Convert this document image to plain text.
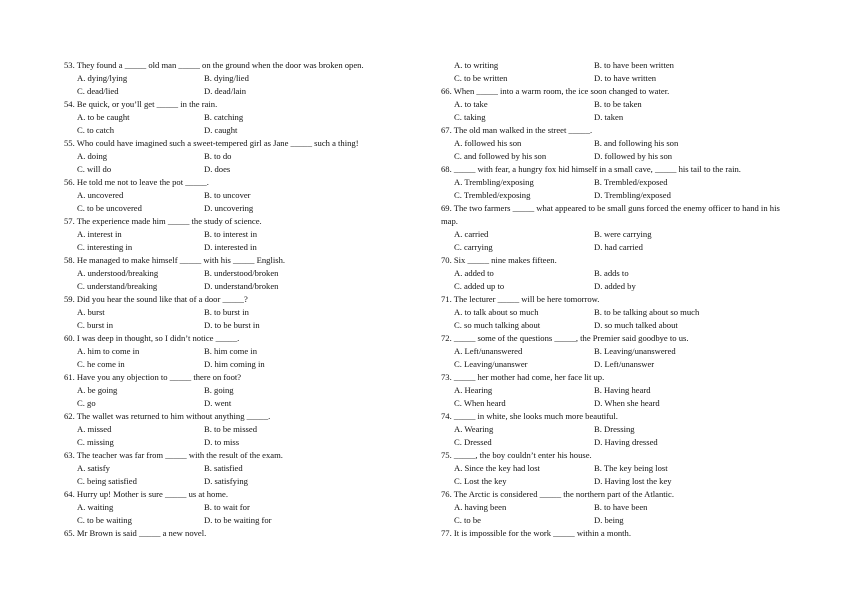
53. They found a _____ old man _____ on the ground when the door was broken open.
A. dying/lying	B. dying/lied
C. dead/lied	D. dead/lain
54. Be quick, or you’ll get _____ in the rain.
A. to be caught	B. catching
C. to catch	D. caught
55. Who could have imagined such a sweet-tempered girl as Jane _____ such a thing!
A. doing	B. to do
C. will do	D. does
56. He told me not to leave the pot _____.
A. uncovered	B. to uncover
C. to be uncovered	D. uncovering
57. The experience made him _____ the study of science.
A. interest in	B. to interest in
C. interesting in	D. interested in
58. He managed to make himself _____ with his _____ English.
A. understood/breaking	B. understood/broken
C. understand/breaking	D. understand/broken
59. Did you hear the sound like that of a door _____?
A. burst	B. to burst in
C. burst in	D. to be burst in
60. I was deep in thought, so I didn’t notice _____.
A. him to come in	B. him come in
C. he come in	D. him coming in
61. Have you any objection to _____ there on foot?
A. be going	B. going
C. go	D. went
62. The wallet was returned to him without anything _____.
A. missed	B. to be missed
C. missing	D. to miss
63. The teacher was far from _____ with the result of the exam.
A. satisfy	B. satisfied
C. being satisfied	D. satisfying
64. Hurry up! Mother is sure _____ us at home.
A. waiting	B. to wait for
C. to be waiting	D. to be waiting for
65. Mr Brown is said _____ a new novel.
A. to writing	B. to have been written
C. to be written	D. to have written
66. When _____ into a warm room, the ice soon changed to water.
A. to take	B. to be taken
C. taking	D. taken
67. The old man walked in the street _____.
A. followed his son	B. and following his son
C. and followed by his son	D. followed by his son
68. _____ with fear, a hungry fox hid himself in a small cave, _____ his tail to the rain.
A. Trembling/exposing	B. Trembled/exposed
C. Trembled/exposing	D. Trembling/exposed
69. The two farmers _____ what appeared to be small guns forced the enemy officer to hand in his
map.
A. carried	B. were carrying
C. carrying	D. had carried
70. Six _____ nine makes fifteen.
A. added to	B. adds to
C. added up to	D. added by
71. The lecturer _____ will be here tomorrow.
A. to talk about so much	B. to be talking about so much
C. so much talking about	D. so much talked about
72. _____ some of the questions _____, the Premier said goodbye to us.
A. Left/unanswered	B. Leaving/unanswered
C. Leaving/unanswer	D. Left/unanswer
73. _____ her mother had come, her face lit up.
A. Hearing	B. Having heard
C. When heard	D. When she heard
74. _____ in white, she looks much more beautiful.
A. Wearing	B. Dressing
C. Dressed	D. Having dressed
75. _____, the boy couldn’t enter his house.
A. Since the key had lost	B. The key being lost
C. Lost the key	D. Having lost the key
76. The Arctic is considered _____ the northern part of the Atlantic.
A. having been	B. to have been
C. to be	D. being
77. It is impossible for the work _____ within a month.
